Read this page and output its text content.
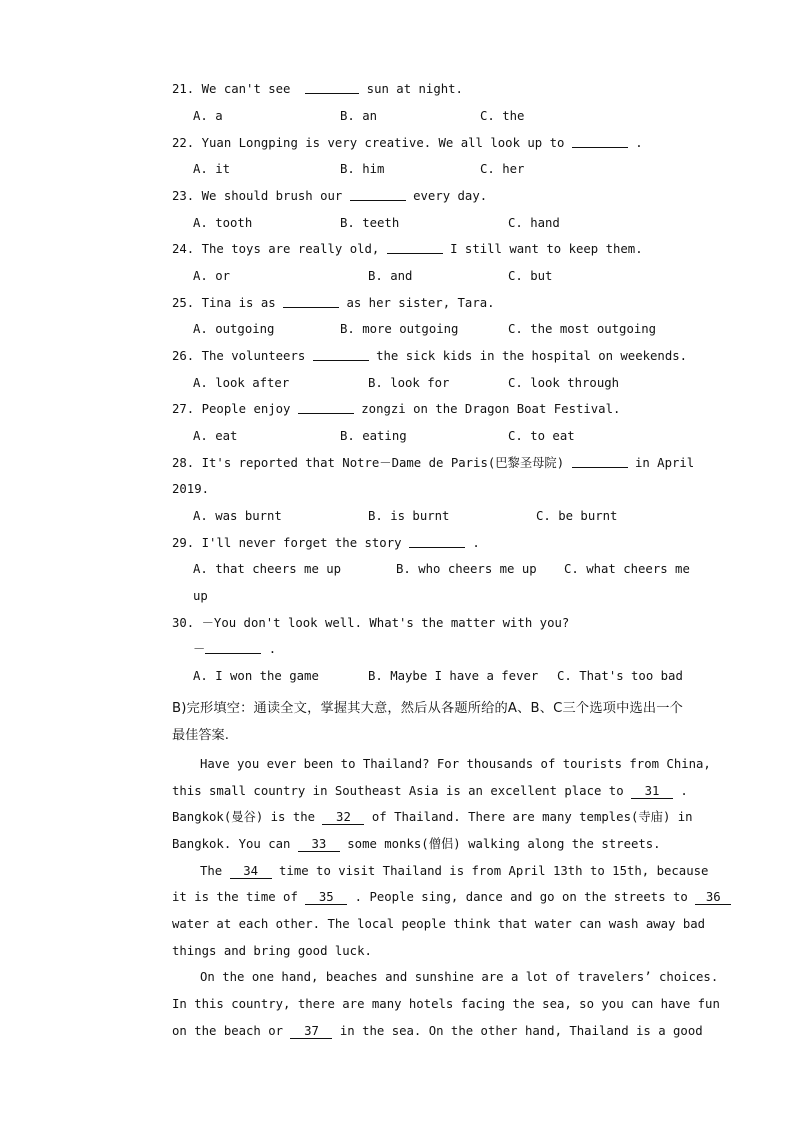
21. We can't see	sun at night.
A. a	B. an	C. the
22. Yuan Longping is very creative. We all look up to	.
A. it	B. him	C. her
23. We should brush our	every day.
A. tooth	B. teeth	C. hand
24. The toys are really old,	I still want to keep them.
A. or	B. and	C. but
25. Tina is as	as her sister, Tara.
A. outgoing	B. more outgoing	C. the most outgoing
26. The volunteers	the sick kids in the hospital on weekends.
A. look after	B. look for	C. look through
27. People enjoy	zongzi on the Dragon Boat Festival.
A. eat	B. eating	C. to eat
28. It's reported that Notre－Dame de Paris(巴黎圣母院)	in April
2019.
A. was burnt	B. is burnt	C. be burnt
29. I'll never forget the story	.
A. that cheers me up	B. who cheers me up C. what cheers me
up
30. －You don't look well. What's the matter with you?
－	.
A. I won the game	B. Maybe I have a fever C. That's too bad
B)完形填空：通读全文，掌握其大意，然后从各题所给的A、B、C三个选项中选出一个
最佳答案.
Have you ever been to Thailand? For thousands of tourists from China,
this small country in Southeast Asia is an excellent place to 31 .
Bangkok(曼谷) is the 32 of Thailand. There are many temples(寺庙) in
Bangkok. You can 33 some monks(僧侣) walking along the streets.
The 34 time to visit Thailand is from April 13th to 15th, because
it is the time of 35 . People sing, dance and go on the streets to 36
water at each other. The local people think that water can wash away bad
things and bring good luck.
On the one hand, beaches and sunshine are a lot of travelers’ choices.
In this country, there are many hotels facing the sea, so you can have fun
on the beach or 37 in the sea. On the other hand, Thailand is a good
